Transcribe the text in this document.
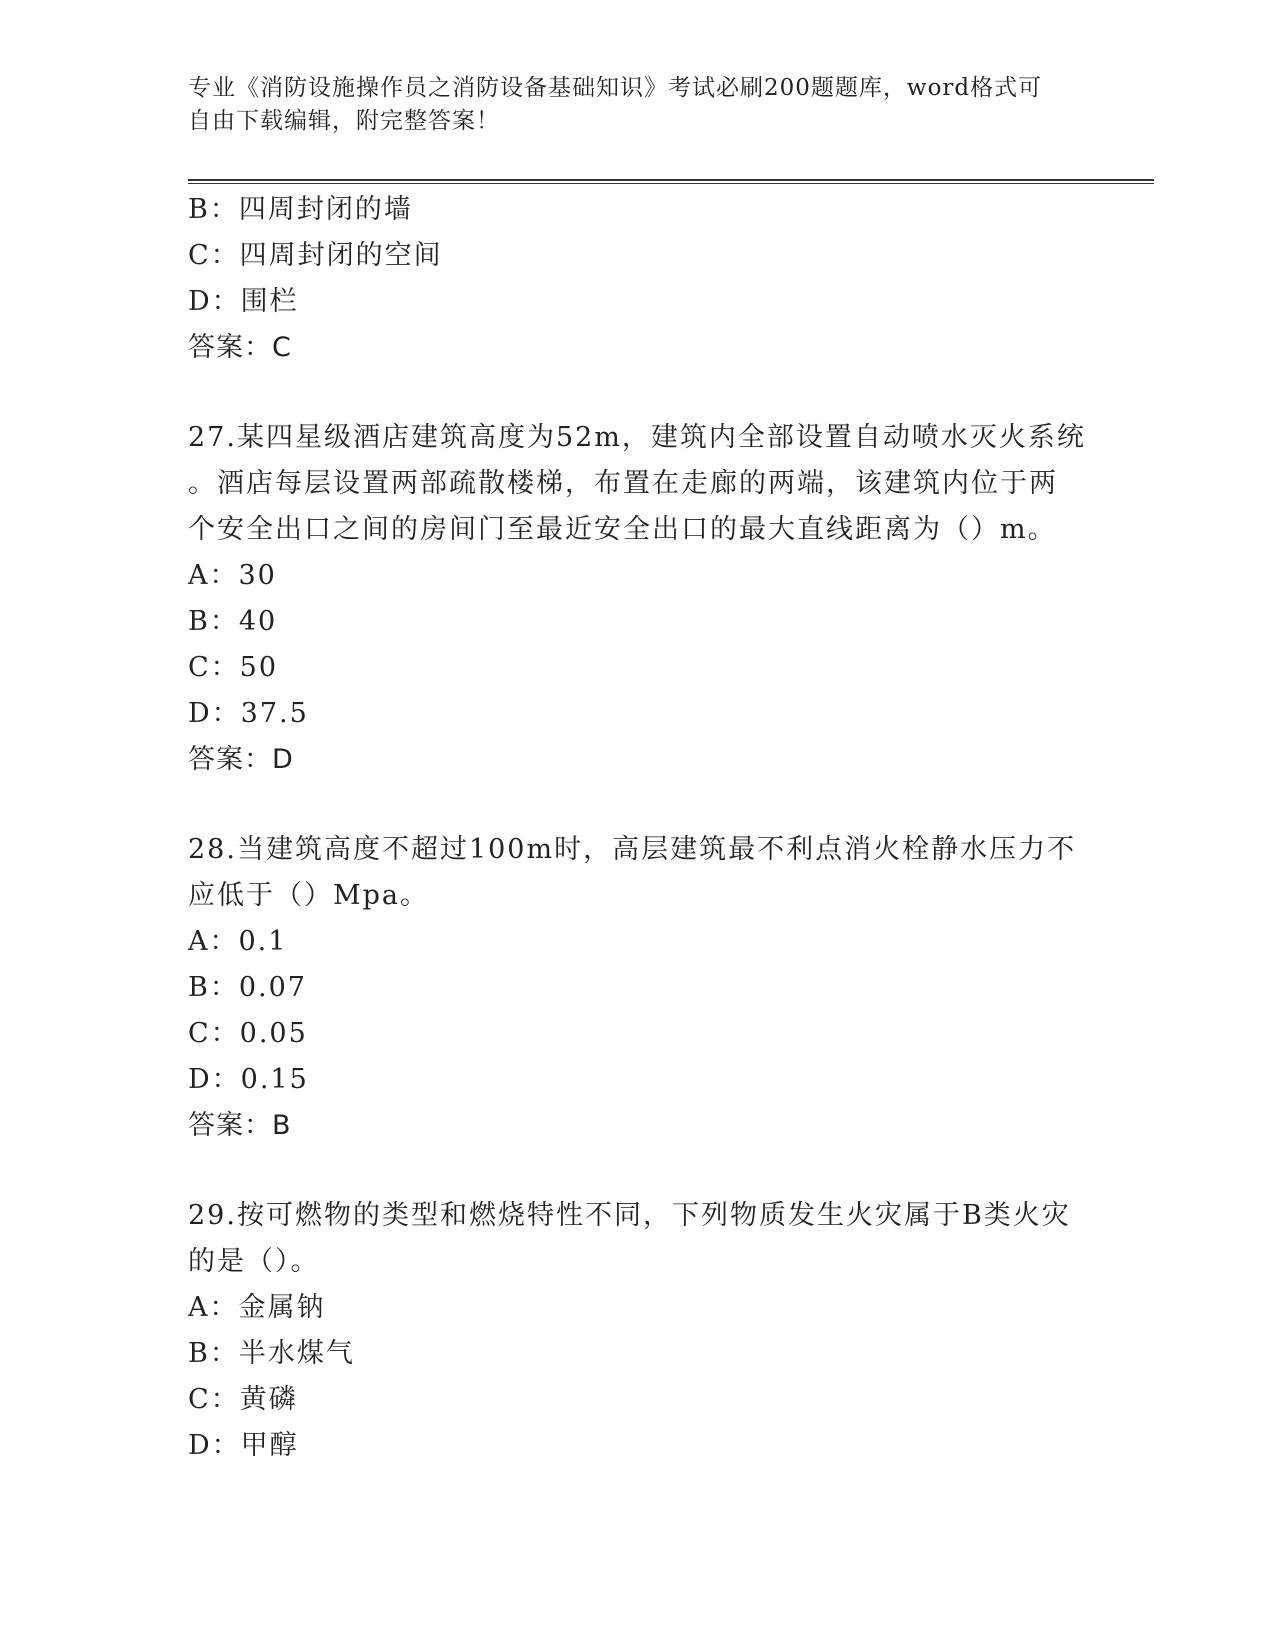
专业《消防设施操作员之消防设备基础知识》考试必刷200题题库，word格式可
自由下载编辑，附完整答案！
B：四周封闭的墙
C：四周封闭的空间
D：围栏
答案：C
27.某四星级酒店建筑高度为52m，建筑内全部设置自动喷水灭火系统
。酒店每层设置两部疏散楼梯，布置在走廊的两端，该建筑内位于两
个安全出口之间的房间门至最近安全出口的最大直线距离为（）m。
A：30
B：40
C：50
D：37.5
答案：D
28.当建筑高度不超过100m时，高层建筑最不利点消火栓静水压力不
应低于（）Mpa。
A：0.1
B：0.07
C：0.05
D：0.15
答案：B
29.按可燃物的类型和燃烧特性不同，下列物质发生火灾属于B类火灾
的是（）。
A：金属钠
B：半水煤气
C：黄磷
D：甲醇
